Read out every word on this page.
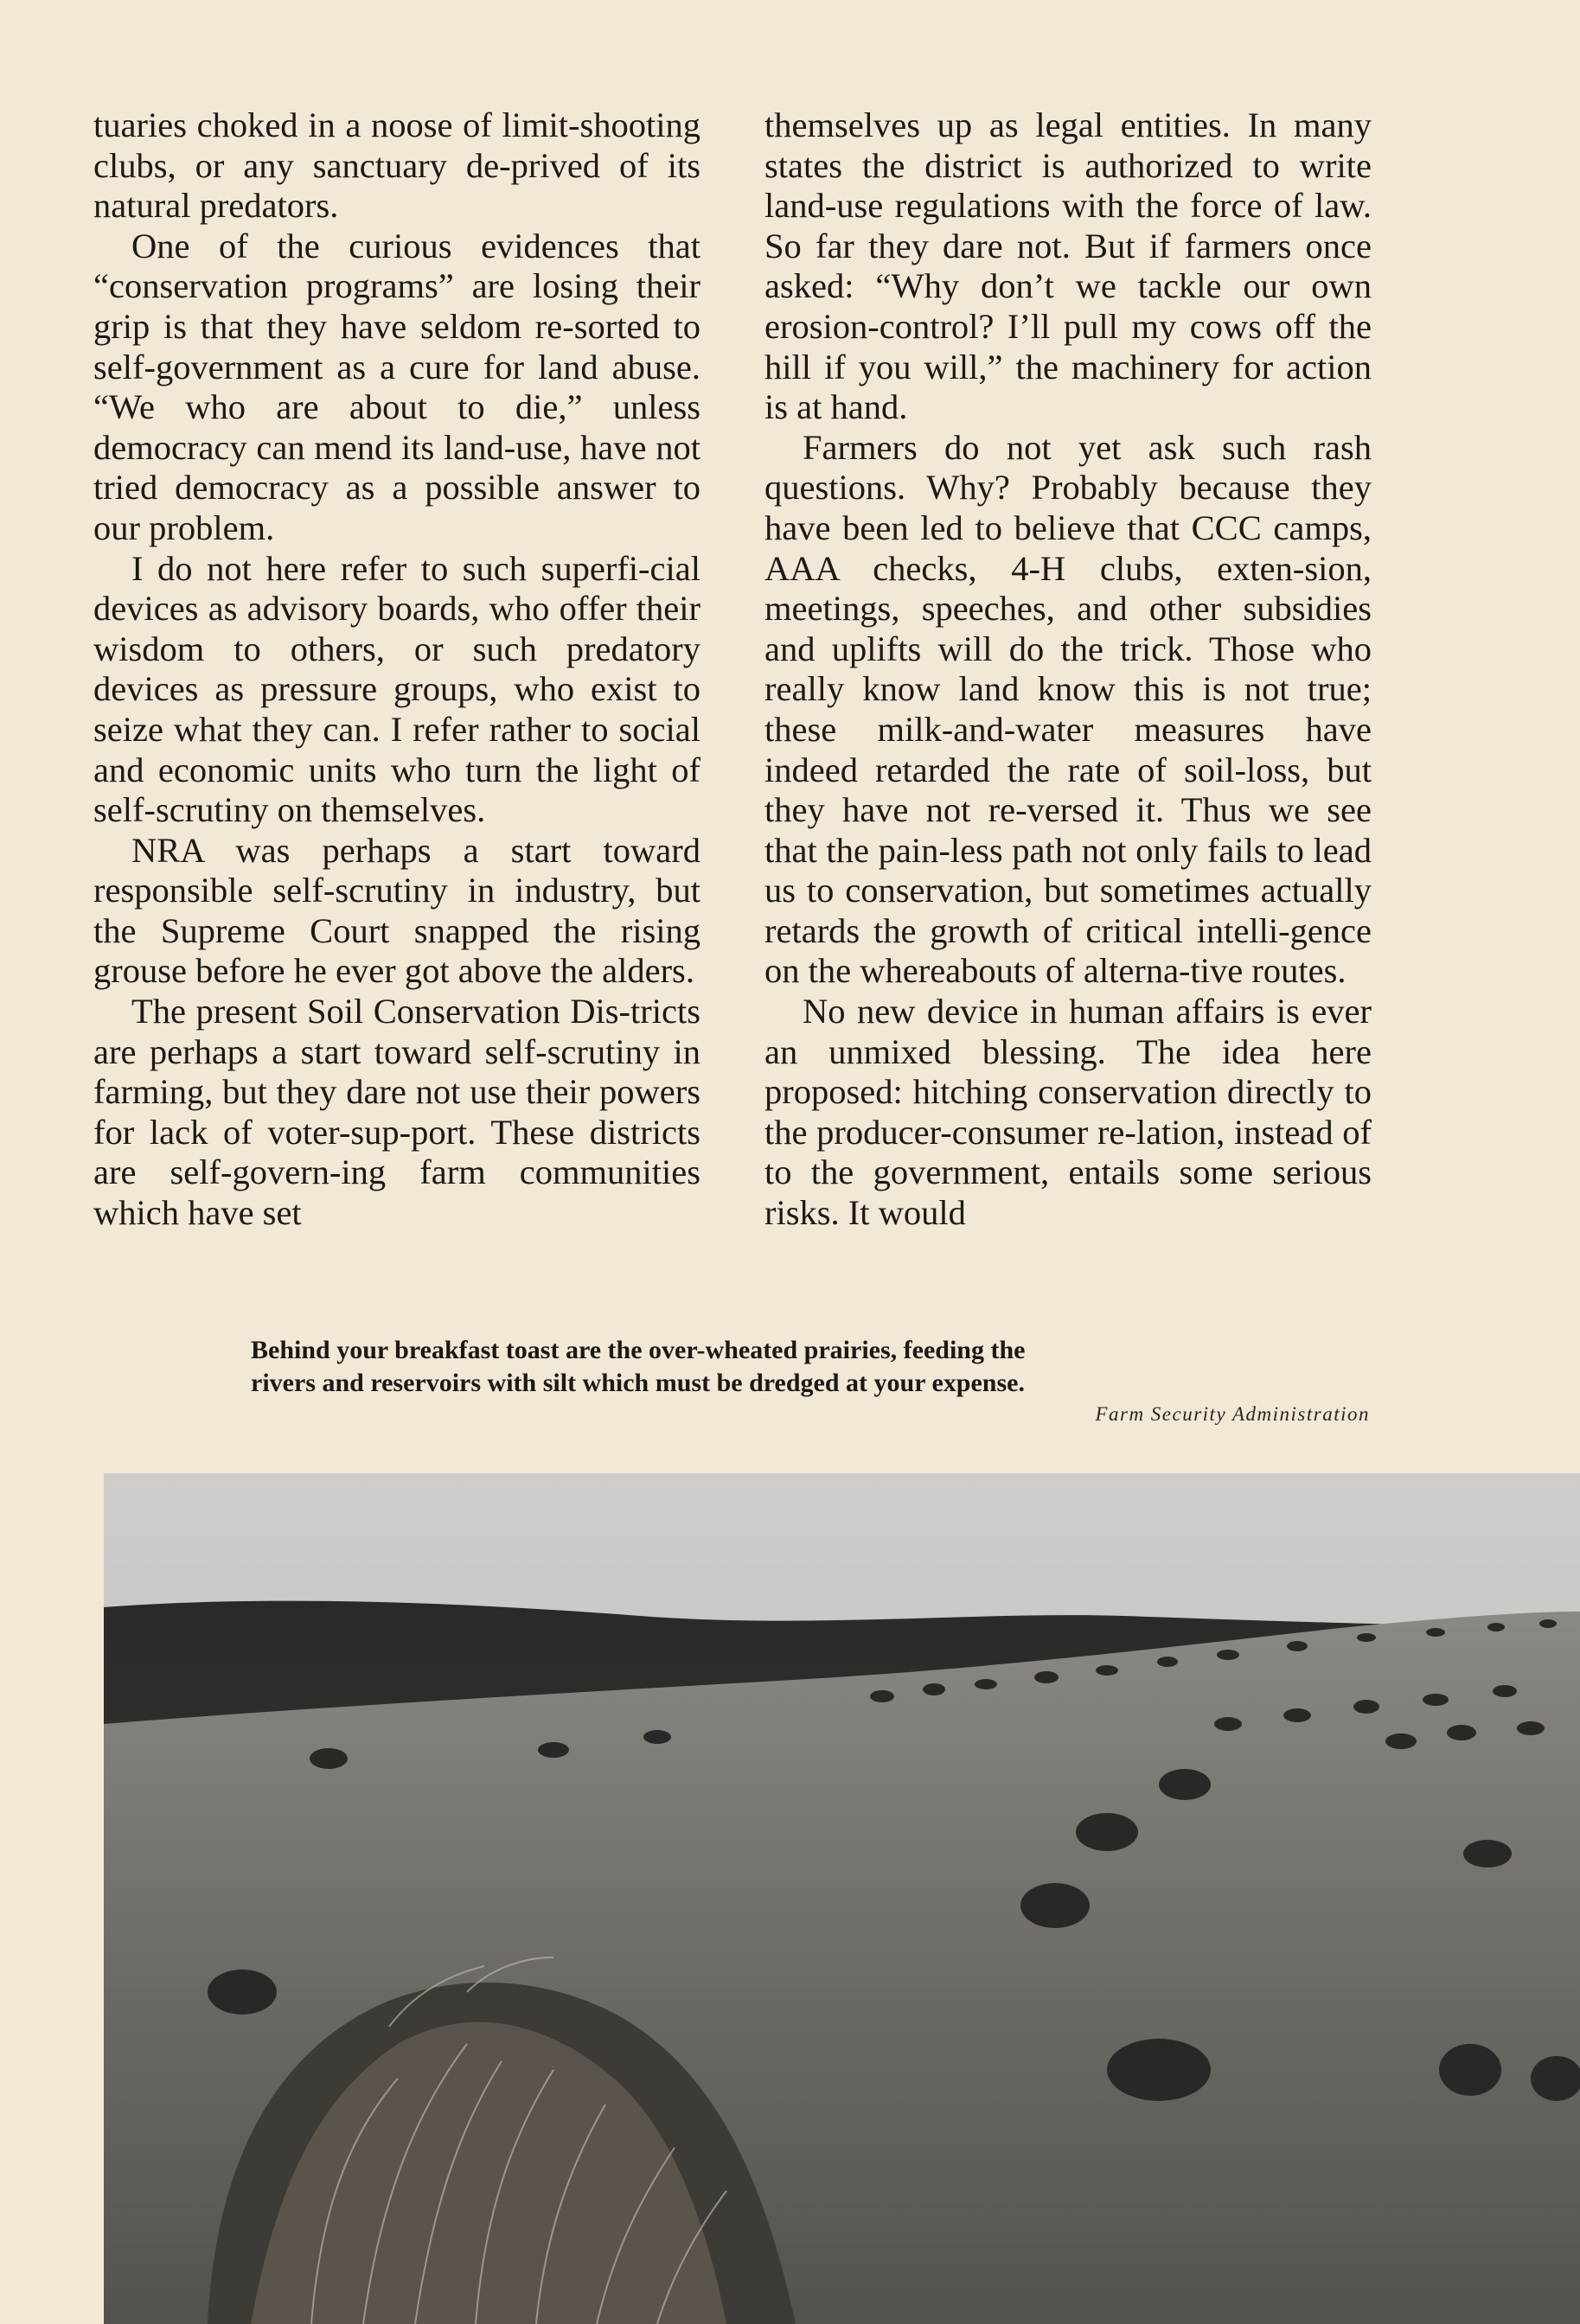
tuaries choked in a noose of limit-shooting clubs, or any sanctuary de-prived of its natural predators.

One of the curious evidences that “conservation programs” are losing their grip is that they have seldom re-sorted to self-government as a cure for land abuse. “We who are about to die,” unless democracy can mend its land-use, have not tried democracy as a possible answer to our problem.

I do not here refer to such superfi-cial devices as advisory boards, who offer their wisdom to others, or such predatory devices as pressure groups, who exist to seize what they can. I refer rather to social and economic units who turn the light of self-scrutiny on themselves.

NRA was perhaps a start toward responsible self-scrutiny in industry, but the Supreme Court snapped the rising grouse before he ever got above the alders.

The present Soil Conservation Dis-tricts are perhaps a start toward self-scrutiny in farming, but they dare not use their powers for lack of voter-sup-port. These districts are self-govern-ing farm communities which have set

themselves up as legal entities. In many states the district is authorized to write land-use regulations with the force of law. So far they dare not. But if farmers once asked: “Why don’t we tackle our own erosion-control? I’ll pull my cows off the hill if you will,” the machinery for action is at hand.

Farmers do not yet ask such rash questions. Why? Probably because they have been led to believe that CCC camps, AAA checks, 4-H clubs, exten-sion, meetings, speeches, and other subsidies and uplifts will do the trick. Those who really know land know this is not true; these milk-and-water measures have indeed retarded the rate of soil-loss, but they have not re-versed it. Thus we see that the pain-less path not only fails to lead us to conservation, but sometimes actually retards the growth of critical intelli-gence on the whereabouts of alterna-tive routes.

No new device in human affairs is ever an unmixed blessing. The idea here proposed: hitching conservation directly to the producer-consumer re-lation, instead of to the government, entails some serious risks. It would

Behind your breakfast toast are the over-wheated prairies, feeding the
rivers and reservoirs with silt which must be dredged at your expense.
Farm Security Administration
